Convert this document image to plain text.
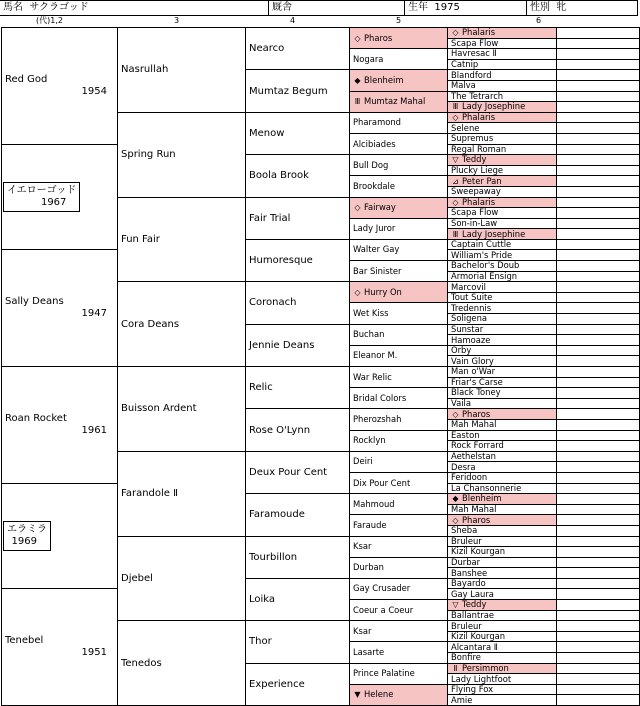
馬名 サクラゴッド	厩舎	生年 1975	性別 牝
(代)1,2	3	4	5	6
Red God
1954	Nasrullah	Nearco	◇ Pharos	◇ Phalaris	
				Scapa Flow	
			Nogara	Havresac Ⅱ	
				Catnip	
		Mumtaz Begum	◆ Blenheim	Blandford	
				Malva	
			Ⅲ Mumtaz Mahal	The Tetrarch	
				Ⅲ Lady Josephine	
	Spring Run	Menow	Pharamond	◇ Phalaris	
				Selene	
			Alcibiades	Supremus	
イエローゴッド
1967				Regal Roman	
		Boola Brook	Bull Dog	▽ Teddy	
				Plucky Liege	
			Brookdale	⊿ Peter Pan	
				Sweepaway	
	Fun Fair	Fair Trial	◇ Fairway	◇ Phalaris	
				Scapa Flow	
			Lady Juror	Son-in-Law	
				Ⅲ Lady Josephine	
		Humoresque	Walter Gay	Captain Cuttle	
Sally Deans
1947				William's Pride	
			Bar Sinister	Bachelor's Doub	
				Armorial Ensign	
	Cora Deans	Coronach	◇ Hurry On	Marcovil	
				Tout Suite	
			Wet Kiss	Tredennis	
				Soligena	
		Jennie Deans	Buchan	Sunstar	
				Hamoaze	
			Eleanor M.	Orby	
				Vain Glory	
Roan Rocket
1961	Buisson Ardent	Relic	War Relic	Man o'War	
				Friar's Carse	
			Bridal Colors	Black Toney	
				Vaila	
		Rose O'Lynn	Pherozshah	◇ Pharos	
				Mah Mahal	
			Rocklyn	Easton	
				Rock Forrard	
	Farandole Ⅱ	Deux Pour Cent	Deiri	Aethelstan	
				Desra	
			Dix Pour Cent	Feridoon	
エラミラ
1969				La Chansonnerie	
		Faramoude	Mahmoud	◆ Blenheim	
				Mah Mahal	
			Faraude	◇ Pharos	
				Sheba	
	Djebel	Tourbillon	Ksar	Bruleur	
				Kizil Kourgan	
			Durban	Durbar	
				Banshee	
		Loika	Gay Crusader	Bayardo	
Tenebel
1951				Gay Laura	
			Coeur a Coeur	▽ Teddy	
				Ballantrae	
	Tenedos	Thor	Ksar	Bruleur	
				Kizil Kourgan	
			Lasarte	Alcantara Ⅱ	
				Bonfire	
		Experience	Prince Palatine	Ⅱ Persimmon	
				Lady Lightfoot	
			▼ Helene	Flying Fox	
				Amie	
